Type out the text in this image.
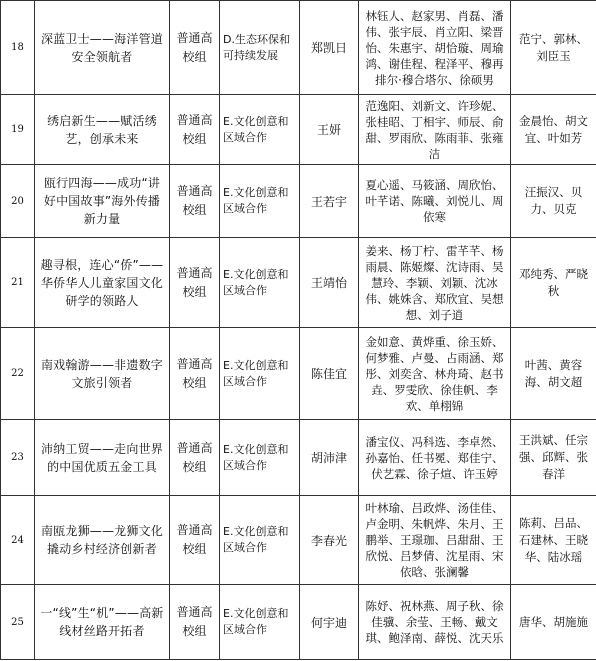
18	深蓝卫士——海洋管道安全领航者	普通高校组	D.生态环保和可持续发展	郑凯日	林钰人、赵家男、肖磊、潘伟、张宇辰、肖立阳、梁晋怡、朱惠宇、胡恰璇、周瑜鸿、谢佳程、程泽平、穆再排尔·穆合塔尔、徐硕男	范宁、郭林、刘臣玉
19	绣启新生——赋活绣艺，创承未来	普通高校组	E.文化创意和区域合作	王妍	范逸阳、刘新文、许珍妮、张桂昭、丁相宇、师辰、俞甜、罗雨欣、陈雨菲、张雍洁	金晨怡、胡文宜、叶如芳
20	瓯行四海——成功“讲好中国故事”海外传播新力量	普通高校组	E.文化创意和区域合作	王若宇	夏心遥、马筱涵、周欣怡、叶芊诺、陈曦、刘悦儿、周依寒	汪振汉、贝力、贝克
21	趣寻根，连心“侨”——华侨华人儿童家国文化研学的领路人	普通高校组	E.文化创意和区域合作	王靖怡	姜来、杨丁柠、雷芊芊、杨雨晨、陈姬燦、沈诗雨、吴慧玲、李颖、刘颖、沈冰伟、姚姝含、郑欣宜、吴想想、刘子逍	邓纯秀、严晓秋
22	南戏翰游——非遗数字文旅引领者	普通高校组	E.文化创意和区域合作	陈佳宜	金如意、黄烨重、徐玉娇、何梦雅、卢曼、占雨涵、郑彤、刘奕含、林舟琦、赵书垚、罗雯欣、徐佳帆、李欢、单栩锦	叶茜、黄容海、胡文超
23	沛纳工贸——走向世界的中国优质五金工具	普通高校组	E.文化创意和区域合作	胡沛津	潘宝仪、冯科选、李卓然、孙嘉怡、任书冕、郑佳宁、伏艺霖、徐子煊、许玉婷	王洪斌、任宗强、邱辉、张春洋
24	南瓯龙狮——龙狮文化撬动乡村经济创新者	普通高校组	E.文化创意和区域合作	李春光	叶林瑜、吕政烨、汤佳佳、卢金明、朱帆烨、朱月、王鹏举、王璟珈、吕甜甜、王欣悦、吕梦倩、沈星雨、宋依晗、张澜馨	陈莉、吕品、石建林、王晓华、陆冰瑶
25	一“线”生“机”——高新线材丝路开拓者	普通高校组	E.文化创意和区域合作	何宇迪	陈妤、祝林燕、周子秋、徐佳骥、余莹、王畅、戴文琪、鲍泽南、薛悦、沈天乐	唐华、胡施施
